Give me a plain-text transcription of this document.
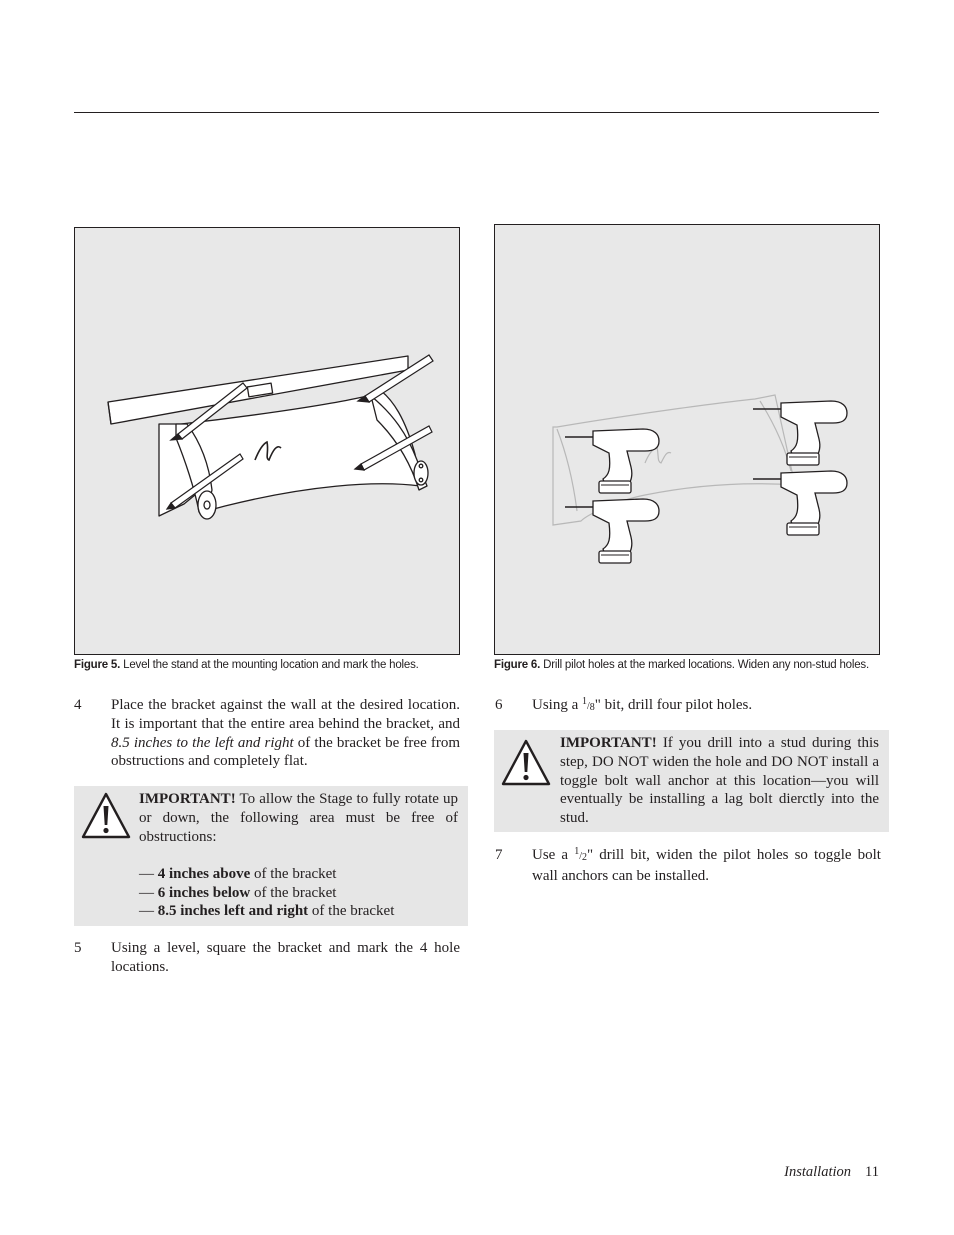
Figure 5. Level the stand at the mounting location and mark the holes.	Figure 6. Drill pilot holes at the marked locations. Widen any non-stud holes.
4 Place the bracket against the wall at the desired location. It is important that the entire area behind the bracket, and 8.5 inches to the left and right of the bracket be free from obstructions and completely flat.
IMPORTANT! To allow the Stage to fully rotate up or down, the following area must be free of obstructions:
— 4 inches above of the bracket
— 6 inches below of the bracket
— 8.5 inches left and right of the bracket
5 Using a level, square the bracket and mark the 4 hole locations.
6 Using a 1/8" bit, drill four pilot holes.
IMPORTANT! If you drill into a stud during this step, DO NOT widen the hole and DO NOT install a toggle bolt wall anchor at this location—you will eventually be installing a lag bolt dierctly into the stud.
7 Use a 1/2" drill bit, widen the pilot holes so toggle bolt wall anchors can be installed.
Installation 11
